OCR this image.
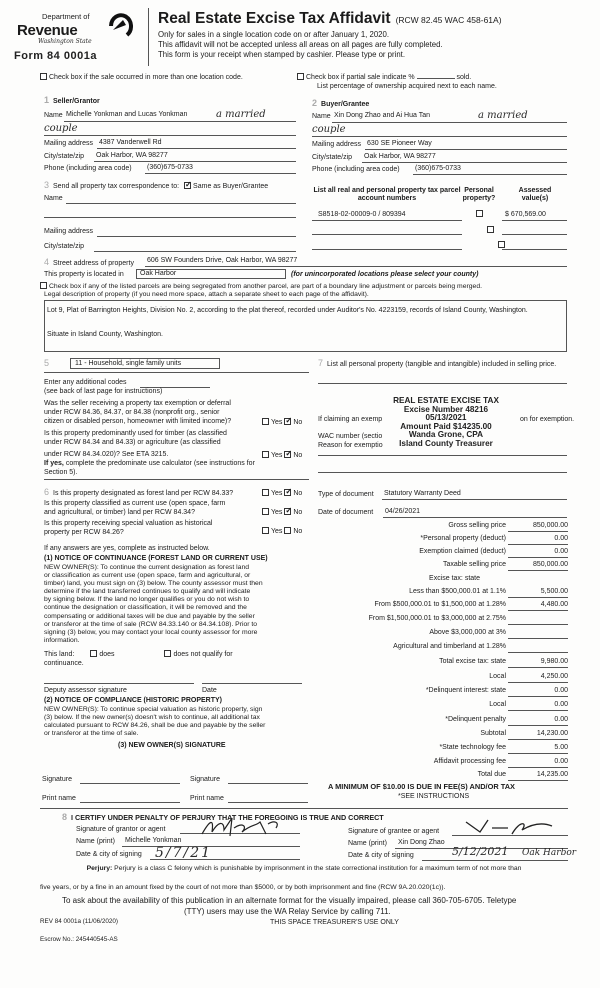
Department of
Revenue
Washington State
Form 84 0001a
Real Estate Excise Tax Affidavit (RCW 82.45 WAC 458-61A)
Only for sales in a single location code on or after January 1, 2020.
This affidavit will not be accepted unless all areas on all pages are fully completed.
This form is your receipt when stamped by cashier. Please type or print.
Check box if the sale occurred in more than one location code.	Check box if partial sale indicate %	sold.
List percentage of ownership acquired next to each name.
1 Seller/Grantor
Name Michelle Yonkman and Lucas Yonkman	a married
couple
Mailing address 4387 Vanderwell Rd
City/state/zip Oak Harbor, WA 98277
Phone (including area code) (360)675-0733
2 Buyer/Grantee
Name Xin Dong Zhao and Ai Hua Tan	a married
couple
Mailing address 630 SE Pioneer Way
City/state/zip Oak Harbor, WA 98277
Phone (including area code) (360)675-0733
3 Send all property tax correspondence to: ✓ Same as Buyer/Grantee
Name
Mailing address
City/state/zip
List all real and personal property tax parcel account numbers
Personal property?
Assessed value(s)
S8518-02-00009-0 / 809394
	$ 670,569.00

4 Street address of property 606 SW Founders Drive, Oak Harbor, WA 98277
This property is located in Oak Harbor	(for unincorporated locations please select your county)
Check box if any of the listed parcels are being segregated from another parcel, are part of a boundary line adjustment or parcels being merged.
Legal description of property (if you need more space, attach a separate sheet to each page of the affidavit).
Lot 9, Plat of Barrington Heights, Division No. 2, according to the plat thereof, recorded under Auditor's No. 4223159, records of Island County, Washington.
Situate in Island County, Washington.
5	11 - Household, single family units
Enter any additional codes
(see back of last page for instructions)
Was the seller receiving a property tax exemption or deferral
under RCW 84.36, 84.37, or 84.38 (nonprofit org., senior
citizen or disabled person, homeowner with limited income)?	Yes ✓ No
Is this property predominantly used for timber (as classified
under RCW 84.34 and 84.33) or agriculture (as classified
under RCW 84.34.020)? See ETA 3215.	Yes ✓ No
If yes, complete the predominate use calculator (see instructions for
Section 5).
6 Is this property designated as forest land per RCW 84.33?	Yes ✓ No
Is this property classified as current use (open space, farm
and agricultural, or timber) land per RCW 84.34?	Yes ✓ No
Is this property receiving special valuation as historical
property per RCW 84.26?	Yes No
If any answers are yes, complete as instructed below.
(1) NOTICE OF CONTINUANCE (FOREST LAND OR CURRENT USE)
NEW OWNER(S): To continue the current designation as forest land
or classification as current use (open space, farm and agricultural, or
timber) land, you must sign on (3) below. The county assessor must then
determine if the land transferred continues to qualify and will indicate
by signing below. If the land no longer qualifies or you do not wish to
continue the designation or classification, it will be removed and the
compensating or additional taxes will be due and payable by the seller
or transferor at the time of sale (RCW 84.33.140 or 84.34.108). Prior to
signing (3) below, you may contact your local county assessor for more
information.
This land:	does	does not qualify for
continuance.
Deputy assessor signature	Date
(2) NOTICE OF COMPLIANCE (HISTORIC PROPERTY)
NEW OWNER(S): To continue special valuation as historic property, sign
(3) below. If the new owner(s) doesn't wish to continue, all additional tax
calculated pursuant to RCW 84.26, shall be due and payable by the seller
or transferor at the time of sale.
(3) NEW OWNER(S) SIGNATURE
Signature	Signature
Print name	Print name
7 List all personal property (tangible and intangible) included in selling price.
If claiming an exemp	on for exemption.
WAC number (sectio
Reason for exemptio
REAL ESTATE EXCISE TAX
Excise Number 48216
05/13/2021
Amount Paid $14235.00
Wanda Grone, CPA
Island County Treasurer
Type of document Statutory Warranty Deed
Date of document 04/26/2021
Gross selling price	850,000.00
*Personal property (deduct)	0.00
Exemption claimed (deduct)	0.00
Taxable selling price	850,000.00
Excise tax: state
Less than $500,000.01 at 1.1%	5,500.00
From $500,000.01 to $1,500,000 at 1.28%	4,480.00
From $1,500,000.01 to $3,000,000 at 2.75%
Above $3,000,000 at 3%
Agricultural and timberland at 1.28%
Total excise tax: state	9,980.00
Local	4,250.00
*Delinquent interest: state	0.00
Local	0.00
*Delinquent penalty	0.00
Subtotal	14,230.00
*State technology fee	5.00
Affidavit processing fee	0.00
Total due	14,235.00
A MINIMUM OF $10.00 IS DUE IN FEE(S) AND/OR TAX
*SEE INSTRUCTIONS
8 I CERTIFY UNDER PENALTY OF PERJURY THAT THE FOREGOING IS TRUE AND CORRECT
Signature of grantor or agent
Name (print) Michelle Yonkman
Date & city of signing 5/7/21
Signature of grantee or agent
Name (print) Xin Dong Zhao
Date & city of signing	5/12/2021 Oak Harbor
Perjury: Perjury is a class C felony which is punishable by imprisonment in the state correctional institution for a maximum term of not more than
five years, or by a fine in an amount fixed by the court of not more than $5000, or by both imprisonment and fine (RCW 9A.20.020(1c)).
To ask about the availability of this publication in an alternate format for the visually impaired, please call 360-705-6705. Teletype
(TTY) users may use the WA Relay Service by calling 711.
REV 84 0001a (11/06/2020)	THIS SPACE TREASURER'S USE ONLY
Escrow No.: 245440545-AS
